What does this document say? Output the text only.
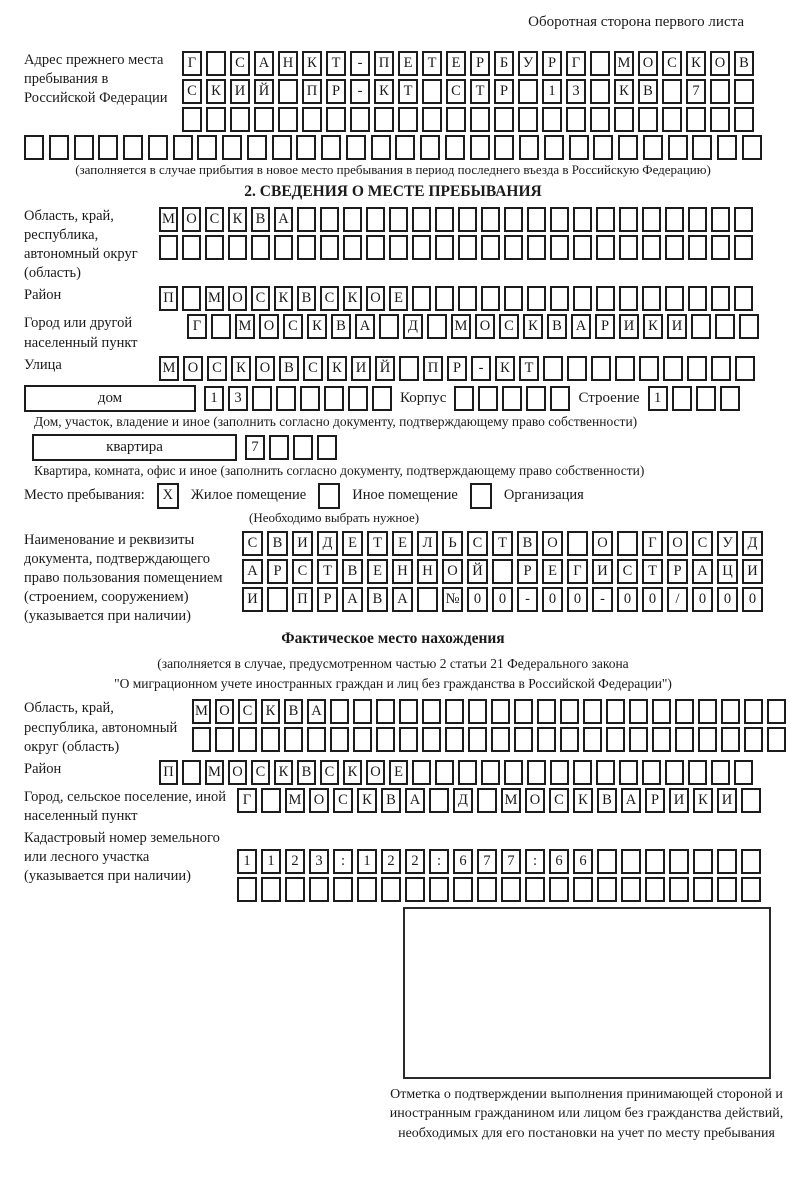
Оборотная сторона первого листа
Адрес прежнего места пребывания в Российской Федерации
Г	С А Н К	Т	-	П Е	Т	Е	Р	Б	У	Р	Г	М О С К О В
С К И Й	П	Р	-	К	Т	С	Т	Р	1	3	К В	7
(заполняется в случае прибытия в новое место пребывания в период последнего въезда в Российскую Федерацию)
2. СВЕДЕНИЯ О МЕСТЕ ПРЕБЫВАНИЯ
Область, край, республика, автономный округ (область)
М О С К В А
Район	П М О С К В С К О Е
Город или другой населенный пункт
Г	М О С К В А	Д	М О С К В А	Р	И К И
Улица	М О С К О В С К И Й	П	Р	-	К	Т
дом	1	3	Корпус	Строение 1
Дом, участок, владение и иное (заполнить согласно документу, подтверждающему право собственности)
квартира	7
Квартира, комната, офис и иное (заполнить согласно документу, подтверждающему право собственности)
Место пребывания:	X	Жилое помещение	Иное помещение	Организация
(Необходимо выбрать нужное)
Наименование и реквизиты документа, подтверждающего право пользования помещением (строением, сооружением) (указывается при наличии)
С	В	И	Д	Е	Т	Е	Л	Ь	С	Т	В	О	О	Г	О	С	У	Д
А	Р	С	Т	В	Е	Н	Н	О	Й	Р	Е	Г	И	С	Т	Р	А	Ц	И
И	П	Р	А	В	А	№ 0	0	-	0	0	-	0	0	/	0	0	0
Фактическое место нахождения
(заполняется в случае, предусмотренном частью 2 статьи 21 Федерального закона
"О миграционном учете иностранных граждан и лиц без гражданства в Российской Федерации")
Область, край, республика, автономный округ (область)
М О С К В А
Район	П М О С К В С К О Е
Город, сельское поселение, иной населенный пункт
Г	М О С К В А	Д	М О С К В А	Р	И К И
Кадастровый номер земельного или лесного участка (указывается при наличии)
1	1	2	3	:	1	2	2	:	6	7	7	:	6	6
Отметка о подтверждении выполнения принимающей стороной и иностранным гражданином или лицом без гражданства действий, необходимых для его постановки на учет по месту пребывания
